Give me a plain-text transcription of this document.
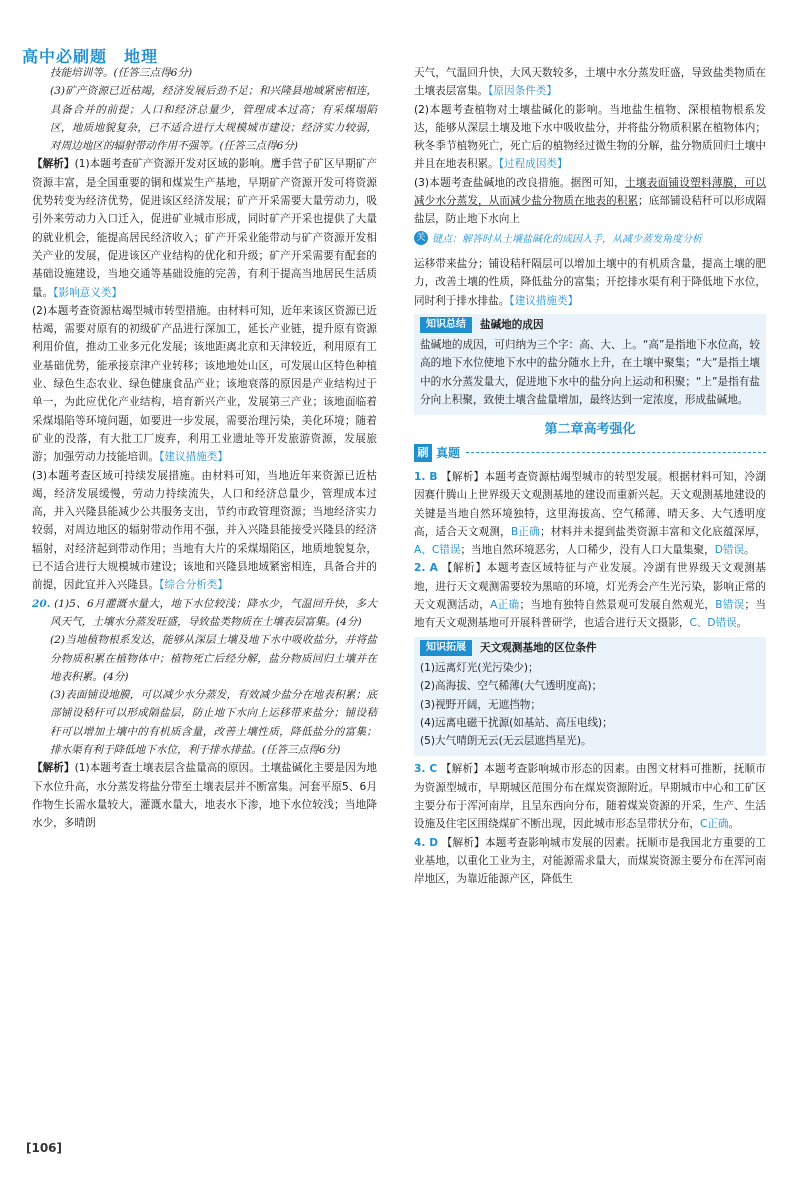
高中必刷题　地理

技能培训等。(任答三点得6分)

(3)矿产资源已近枯竭，经济发展后劲不足；和兴隆县地域紧密相连，具备合并的前提；人口和经济总量少，管理成本过高；有采煤塌陷区，地质地貌复杂，已不适合进行大规模城市建设；经济实力较弱，对周边地区的辐射带动作用不强等。(任答三点得6分)

【解析】(1)本题考查矿产资源开发对区域的影响。鹰手营子矿区早期矿产资源丰富，是全国重要的铜和煤炭生产基地，早期矿产资源开发可将资源优势转变为经济优势，促进该区经济发展；矿产开采需要大量劳动力，吸引外来劳动力入口迁入，促进矿业城市形成，同时矿产开采也提供了大量的就业机会，能提高居民经济收入；矿产开采业能带动与矿产资源开发相关产业的发展，促进该区产业结构的优化和升级；矿产开采需要有配套的基础设施建设，当地交通等基础设施的完善，有利于提高当地居民生活质量。【影响意义类】

(2)本题考查资源枯竭型城市转型措施。由材料可知，近年来该区资源已近枯竭，需要对原有的初级矿产品进行深加工，延长产业链，提升原有资源利用价值，推动工业多元化发展；该地距离北京和天津较近，利用原有工业基础优势，能承接京津产业转移；该地地处山区，可发展山区特色种植业、绿色生态农业、绿色健康食品产业；该地衰落的原因是产业结构过于单一，为此应优化产业结构，培育新兴产业，发展第三产业；该地面临着采煤塌陷等环境问题，如要进一步发展，需要治理污染，美化环境；随着矿业的没落，有大批工厂废弃，利用工业遗址等开发旅游资源，发展旅游；加强劳动力技能培训。【建议措施类】

(3)本题考查区域可持续发展措施。由材料可知，当地近年来资源已近枯竭，经济发展缓慢，劳动力持续流失，人口和经济总量少，管理成本过高，并入兴隆县能减少公共服务支出，节约市政管理资源；当地经济实力较弱，对周边地区的辐射带动作用不强，并入兴隆县能接受兴隆县的经济辐射，对经济起到带动作用；当地有大片的采煤塌陷区，地质地貌复杂，已不适合进行大规模城市建设；该地和兴隆县地域紧密相连，具备合并的前提，因此宜并入兴隆县。【综合分析类】

20. (1)5、6月灌溉水量大，地下水位较浅；降水少，气温回升快，多大风天气，土壤水分蒸发旺盛，导致盐类物质在土壤表层富集。(4分)

(2)当地植物根系发达，能够从深层土壤及地下水中吸收盐分，并将盐分物质积累在植物体中；植物死亡后经分解，盐分物质回归土壤并在地表积累。(4分)

(3)表面铺设地膜，可以减少水分蒸发，有效减少盐分在地表积累；底部铺设秸秆可以形成隔盐层，防止地下水向上运移带来盐分；铺设秸秆可以增加土壤中的有机质含量，改善土壤性质，降低盐分的富集；排水渠有利于降低地下水位，利于排水排盐。(任答三点得6分)

【解析】(1)本题考查土壤表层含盐量高的原因。土壤盐碱化主要是因为地下水位升高，水分蒸发将盐分带至土壤表层并不断富集。河套平原5、6月作物生长需水量较大，灌溉水量大，地表水下渗，地下水位较浅；当地降水少，多晴朗

天气，气温回升快，大风天数较多，土壤中水分蒸发旺盛，导致盐类物质在土壤表层富集。【原因条件类】

(2)本题考查植物对土壤盐碱化的影响。当地盐生植物、深根植物根系发达，能够从深层土壤及地下水中吸收盐分，并将盐分物质积累在植物体内；秋冬季节植物死亡，死亡后的植物经过微生物的分解，盐分物质回归土壤中并且在地表积累。【过程成因类】

(3)本题考查盐碱地的改良措施。据图可知，土壤表面铺设塑料薄膜，可以减少水分蒸发，从而减少盐分物质在地表的积累；底部铺设秸秆可以形成隔盐层，防止地下水向上

关 键点：解答时从土壤盐碱化的成因入手，从减少蒸发角度分析

运移带来盐分；铺设秸秆隔层可以增加土壤中的有机质含量，提高土壤的肥力，改善土壤的性质，降低盐分的富集；开挖排水渠有利于降低地下水位，同时利于排水排盐。【建议措施类】

知识总结	盐碱地的成因

盐碱地的成因，可归纳为三个字：高、大、上。“高”是指地下水位高，较高的地下水位使地下水中的盐分随水上升，在土壤中聚集；“大”是指土壤中的水分蒸发量大，促进地下水中的盐分向上运动和积聚；“上”是指有盐分向上积聚，致使土壤含盐量增加，最终达到一定浓度，形成盐碱地。

第二章高考强化
刷 真题

1. B 【解析】本题考查资源枯竭型城市的转型发展。根据材料可知，冷湖因赛什腾山上世界级天文观测基地的建设而重新兴起。天文观测基地建设的关键是当地自然环境独特，这里海拔高、空气稀薄、晴天多、大气透明度高，适合天文观测，B正确；材料并未提到盐类资源丰富和文化底蕴深厚，A、C错误；当地自然环境恶劣，人口稀少，没有人口大量集聚，D错误。

2. A 【解析】本题考查区域特征与产业发展。冷湖有世界级天文观测基地，进行天文观测需要较为黑暗的环境，灯光秀会产生光污染，影响正常的天文观测活动，A正确；当地有独特自然景观可发展自然观光，B错误；当地有天文观测基地可开展科普研学，也适合进行天文摄影，C、D错误。

知识拓展	天文观测基地的区位条件

(1)远离灯光(光污染少)；

(2)高海拔、空气稀薄(大气透明度高)；

(3)视野开阔，无遮挡物；

(4)远离电磁干扰源(如基站、高压电线)；

(5)大气晴朗无云(无云层遮挡星光)。

3. C 【解析】本题考查影响城市形态的因素。由图文材料可推断，抚顺市为资源型城市，早期城区范围分布在煤炭资源附近。早期城市中心和工矿区主要分布于浑河南岸，且呈东西向分布，随着煤炭资源的开采，生产、生活设施及住宅区围绕煤矿不断出现，因此城市形态呈带状分布，C正确。

4. D 【解析】本题考查影响城市发展的因素。抚顺市是我国北方重要的工业基地，以重化工业为主，对能源需求量大，而煤炭资源主要分布在浑河南岸地区，为靠近能源产区，降低生

[106]
